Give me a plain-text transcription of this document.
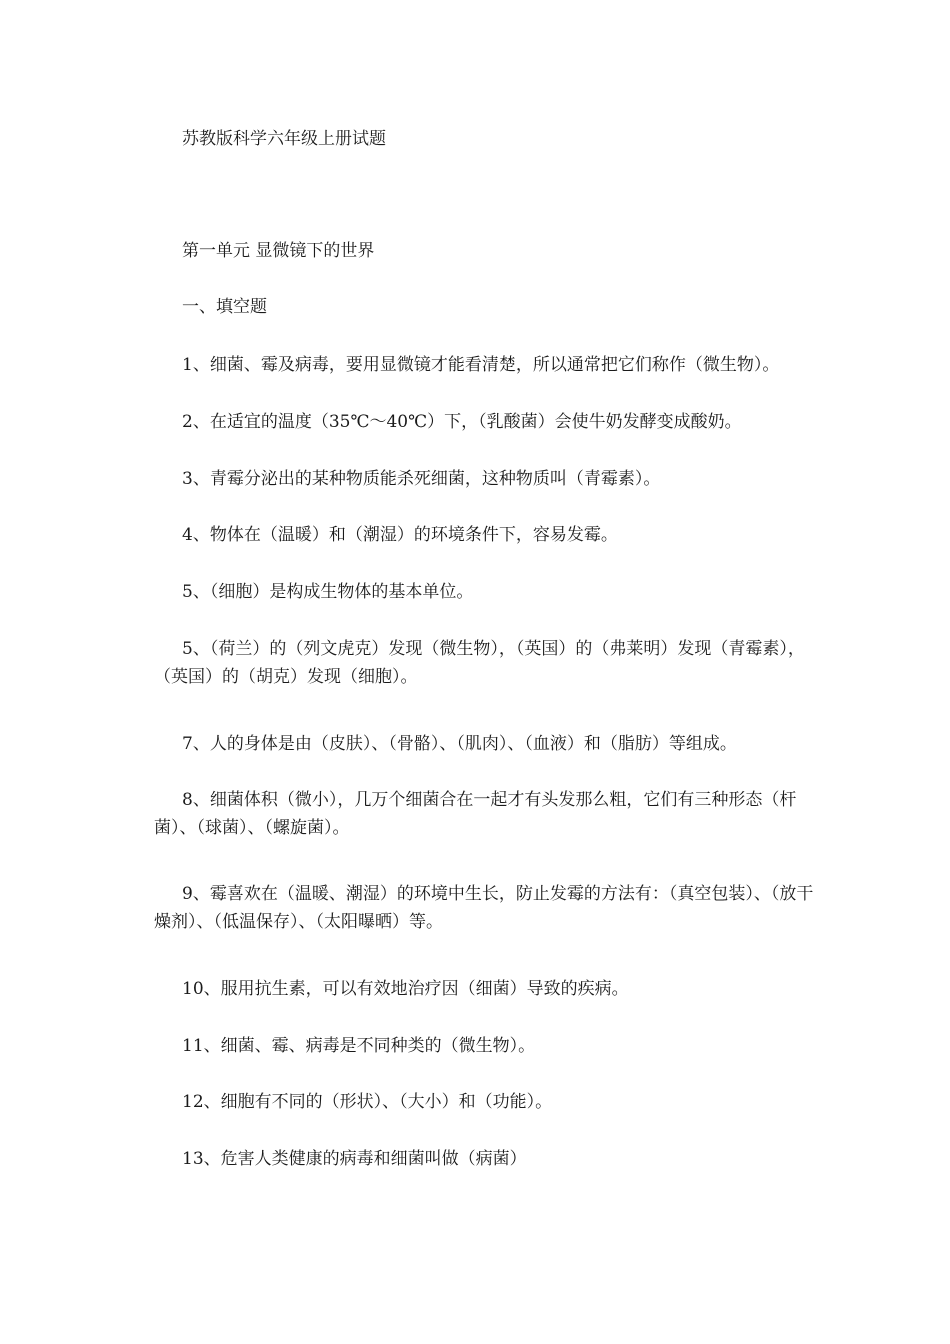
苏教版科学六年级上册试题
第一单元 显微镜下的世界
一、填空题
1、细菌、霉及病毒，要用显微镜才能看清楚，所以通常把它们称作（微生物）。
2、在适宜的温度（35℃～40℃）下，（乳酸菌）会使牛奶发酵变成酸奶。
3、青霉分泌出的某种物质能杀死细菌，这种物质叫（青霉素）。
4、物体在（温暖）和（潮湿）的环境条件下，容易发霉。
5、（细胞）是构成生物体的基本单位。
5、（荷兰）的（列文虎克）发现（微生物），（英国）的（弗莱明）发现（青霉素），（英国）的（胡克）发现（细胞）。
7、人的身体是由（皮肤）、（骨骼）、（肌肉）、（血液）和（脂肪）等组成。
8、细菌体积（微小），几万个细菌合在一起才有头发那么粗，它们有三种形态（杆菌）、（球菌）、（螺旋菌）。
9、霉喜欢在（温暖、潮湿）的环境中生长，防止发霉的方法有：（真空包装）、（放干燥剂）、（低温保存）、（太阳曝晒）等。
10、服用抗生素，可以有效地治疗因（细菌）导致的疾病。
11、细菌、霉、病毒是不同种类的（微生物）。
12、细胞有不同的（形状）、（大小）和（功能）。
13、危害人类健康的病毒和细菌叫做（病菌）
